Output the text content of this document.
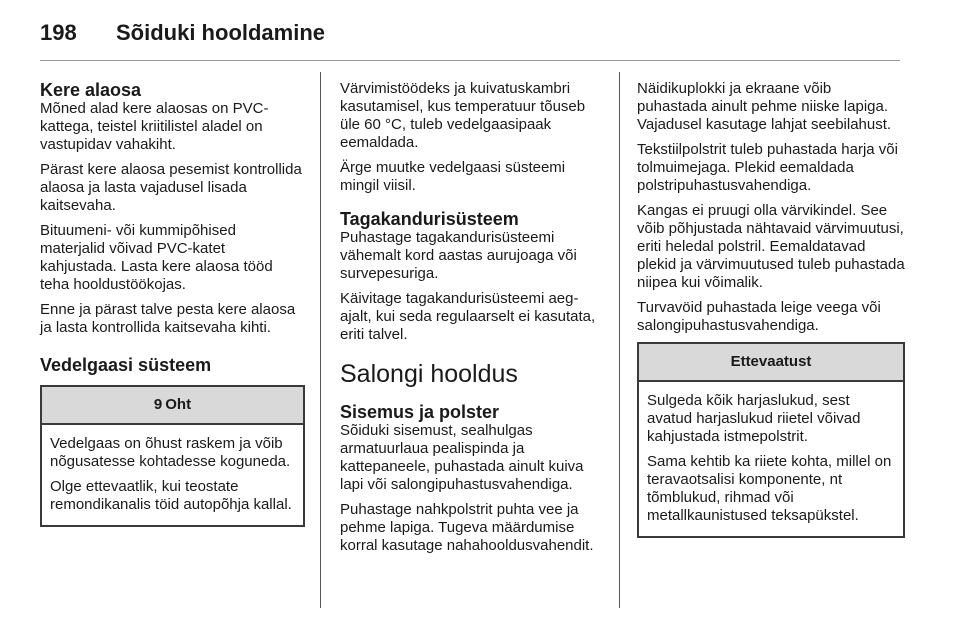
198 Sõiduki hooldamine
Kere alaosa

Mõned alad kere alaosas on PVC-kattega, teistel kriitilistel aladel on vastupidav vahakiht.

Pärast kere alaosa pesemist kontrollida alaosa ja lasta vajadusel lisada kaitsevaha.

Bituumeni- või kummipõhised materjalid võivad PVC-katet kahjustada. Lasta kere alaosa tööd teha hooldustöökojas.

Enne ja pärast talve pesta kere alaosa ja lasta kontrollida kaitsevaha kihti.

Vedelgaasi süsteem
9 Oht

Vedelgaas on õhust raskem ja võib nõgusatesse kohtadesse koguneda.

Olge ettevaatlik, kui teostate remondikanalis töid autopõhja kallal.

Värvimistöödeks ja kuivatuskambri kasutamisel, kus temperatuur tõuseb üle 60 °C, tuleb vedelgaasipaak eemaldada.

Ärge muutke vedelgaasi süsteemi mingil viisil.

Tagakandurisüsteem

Puhastage tagakandurisüsteemi vähemalt kord aastas aurujoaga või survepesuriga.

Käivitage tagakandurisüsteemi aeg-ajalt, kui seda regulaarselt ei kasutata, eriti talvel.

Salongi hooldus
Sisemus ja polster

Sõiduki sisemust, sealhulgas armatuurlaua pealispinda ja kattepaneele, puhastada ainult kuiva lapi või salongipuhastusvahendiga.

Puhastage nahkpolstrit puhta vee ja pehme lapiga. Tugeva määrdumise korral kasutage nahahooldusvahendit.

Näidikuplokki ja ekraane võib puhastada ainult pehme niiske lapiga. Vajadusel kasutage lahjat seebilahust.

Tekstiilpolstrit tuleb puhastada harja või tolmuimejaga. Plekid eemaldada polstripuhastusvahendiga.

Kangas ei pruugi olla värvikindel. See võib põhjustada nähtavaid värvimuutusi, eriti heledal polstril. Eemaldatavad plekid ja värvimuutused tuleb puhastada niipea kui võimalik.

Turvavöid puhastada leige veega või salongipuhastusvahendiga.

Ettevaatust

Sulgeda kõik harjaslukud, sest avatud harjaslukud riietel võivad kahjustada istmepolstrit.

Sama kehtib ka riiete kohta, millel on teravaotsalisi komponente, nt tõmblukud, rihmad või metallkaunistused teksapükstel.
